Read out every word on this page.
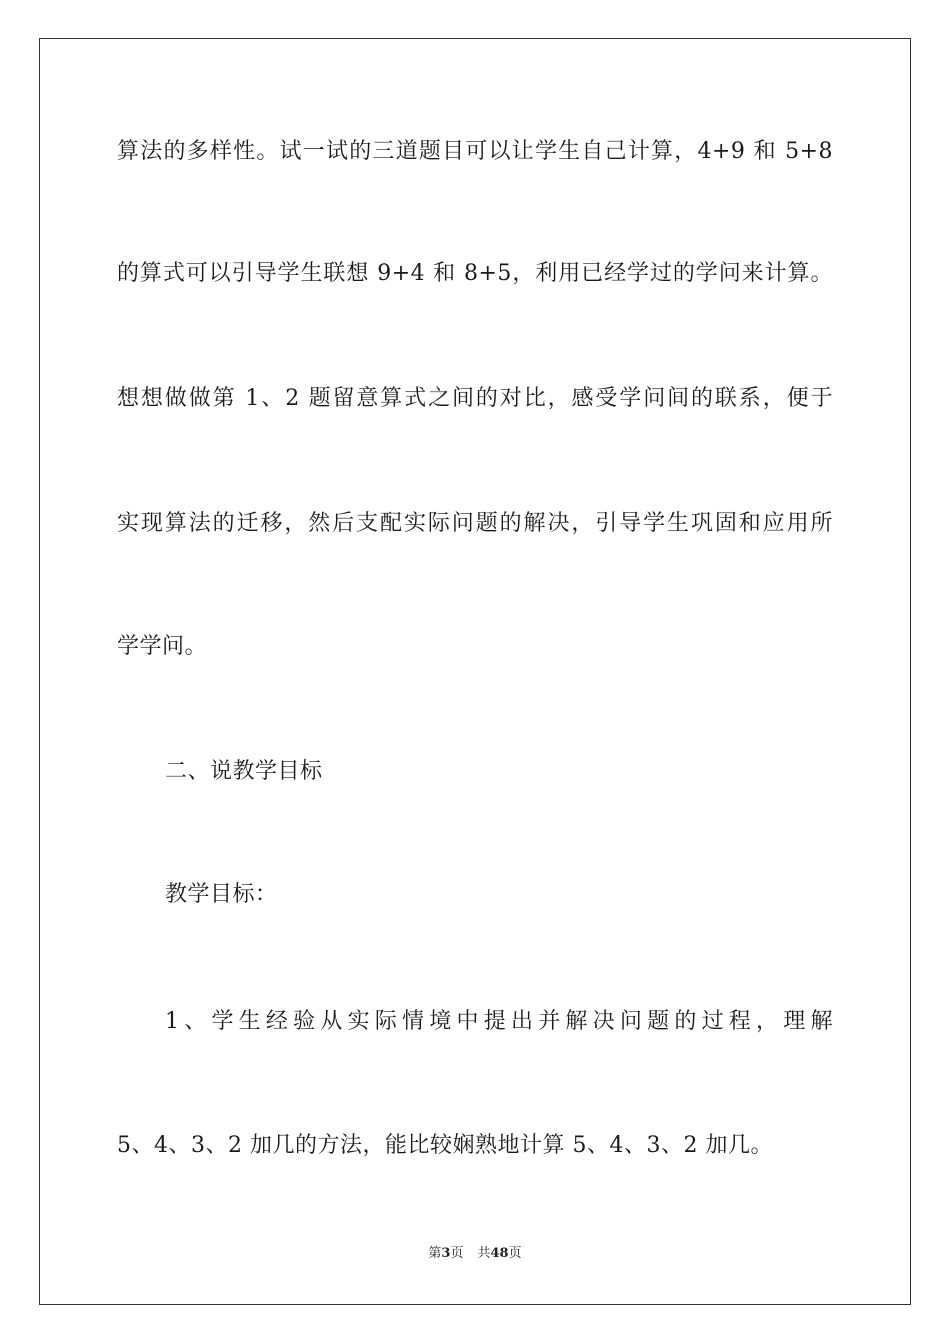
算法的多样性。试一试的三道题目可以让学生自己计算，4+9 和 5+8
的算式可以引导学生联想 9+4 和 8+5，利用已经学过的学问来计算。
想想做做第 1、2 题留意算式之间的对比，感受学问间的联系，便于
实现算法的迁移，然后支配实际问题的解决，引导学生巩固和应用所
学学问。
二、说教学目标
教学目标：
1、学生经验从实际情境中提出并解决问题的过程，理解
5、4、3、2 加几的方法，能比较娴熟地计算 5、4、3、2 加几。
第3页 共48页
